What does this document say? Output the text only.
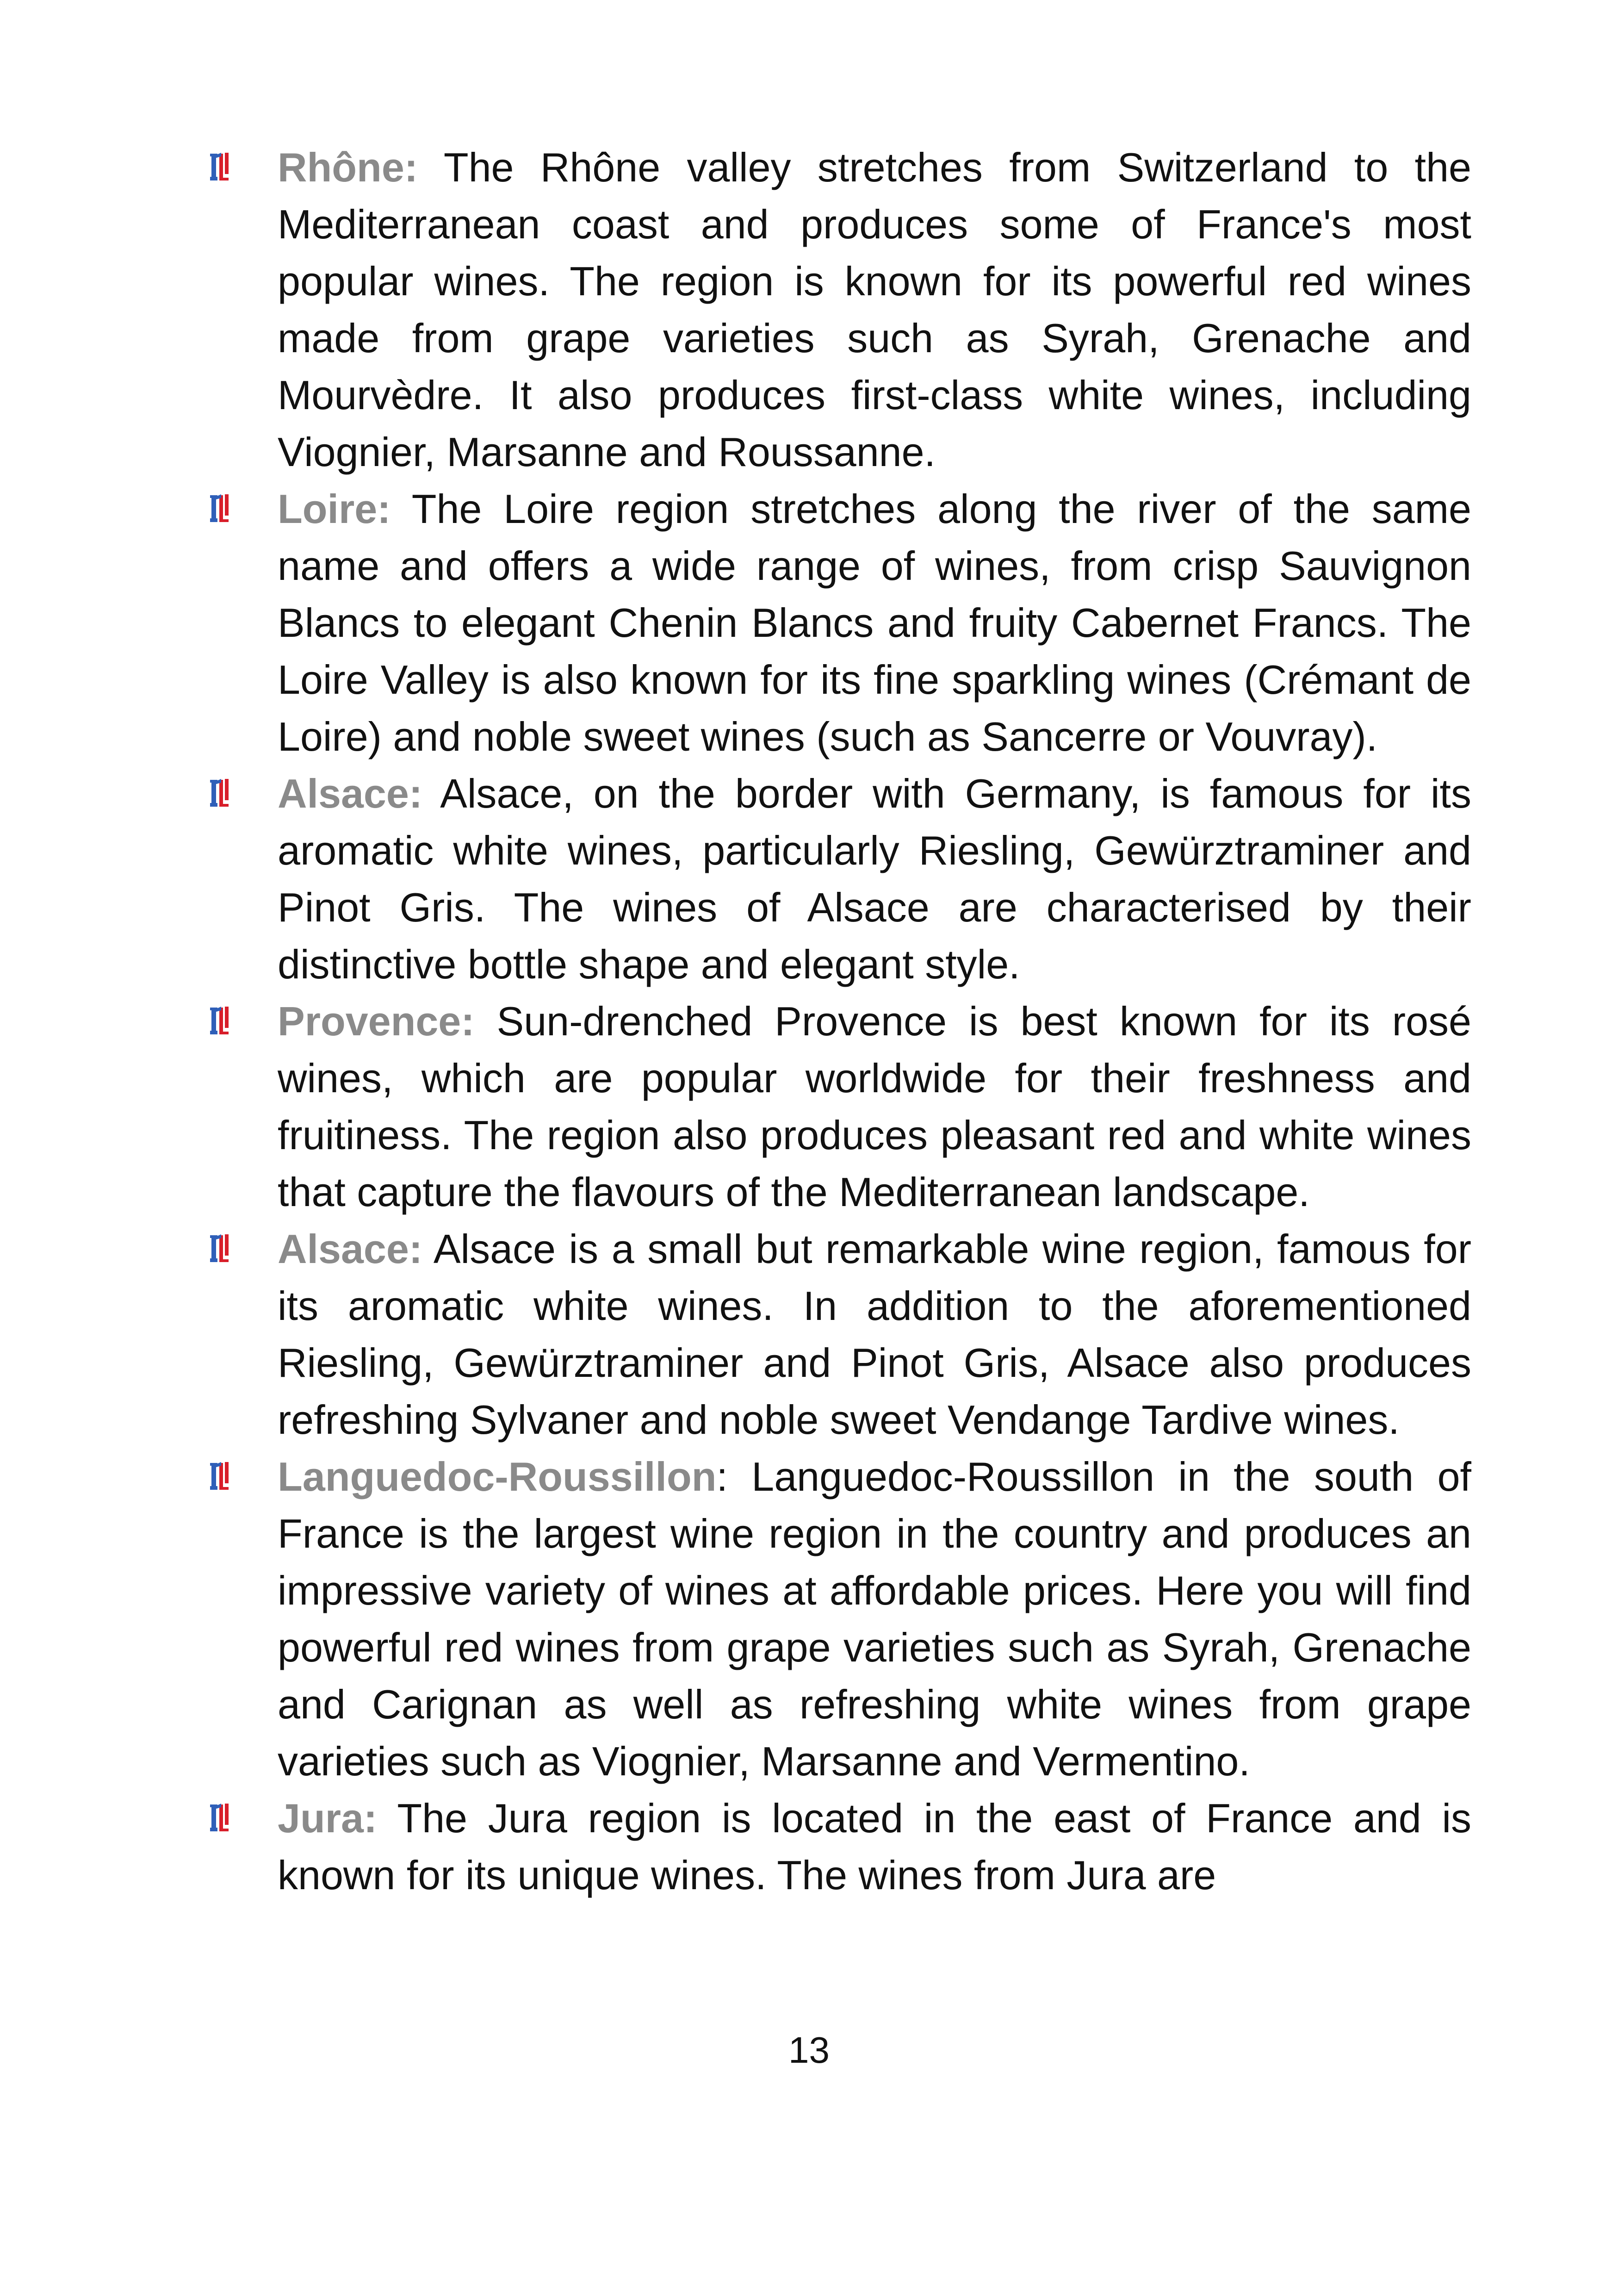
Rhône: The Rhône valley stretches from Switzerland to the Mediterranean coast and produces some of France's most popular wines. The region is known for its powerful red wines made from grape varieties such as Syrah, Grenache and Mourvèdre. It also produces first-class white wines, including Viognier, Marsanne and Roussanne.
Loire: The Loire region stretches along the river of the same name and offers a wide range of wines, from crisp Sauvignon Blancs to elegant Chenin Blancs and fruity Cabernet Francs. The Loire Valley is also known for its fine sparkling wines (Crémant de Loire) and noble sweet wines (such as Sancerre or Vouvray).
Alsace: Alsace, on the border with Germany, is famous for its aromatic white wines, particularly Riesling, Gewürztraminer and Pinot Gris. The wines of Alsace are characterised by their distinctive bottle shape and elegant style.
Provence: Sun-drenched Provence is best known for its rosé wines, which are popular worldwide for their freshness and fruitiness. The region also produces pleasant red and white wines that capture the flavours of the Mediterranean landscape.
Alsace: Alsace is a small but remarkable wine region, famous for its aromatic white wines. In addition to the aforementioned Riesling, Gewürztraminer and Pinot Gris, Alsace also produces refreshing Sylvaner and noble sweet Vendange Tardive wines.
Languedoc-Roussillon: Languedoc-Roussillon in the south of France is the largest wine region in the country and produces an impressive variety of wines at affordable prices. Here you will find powerful red wines from grape varieties such as Syrah, Grenache and Carignan as well as refreshing white wines from grape varieties such as Viognier, Marsanne and Vermentino.
Jura: The Jura region is located in the east of France and is known for its unique wines. The wines from Jura are
13
